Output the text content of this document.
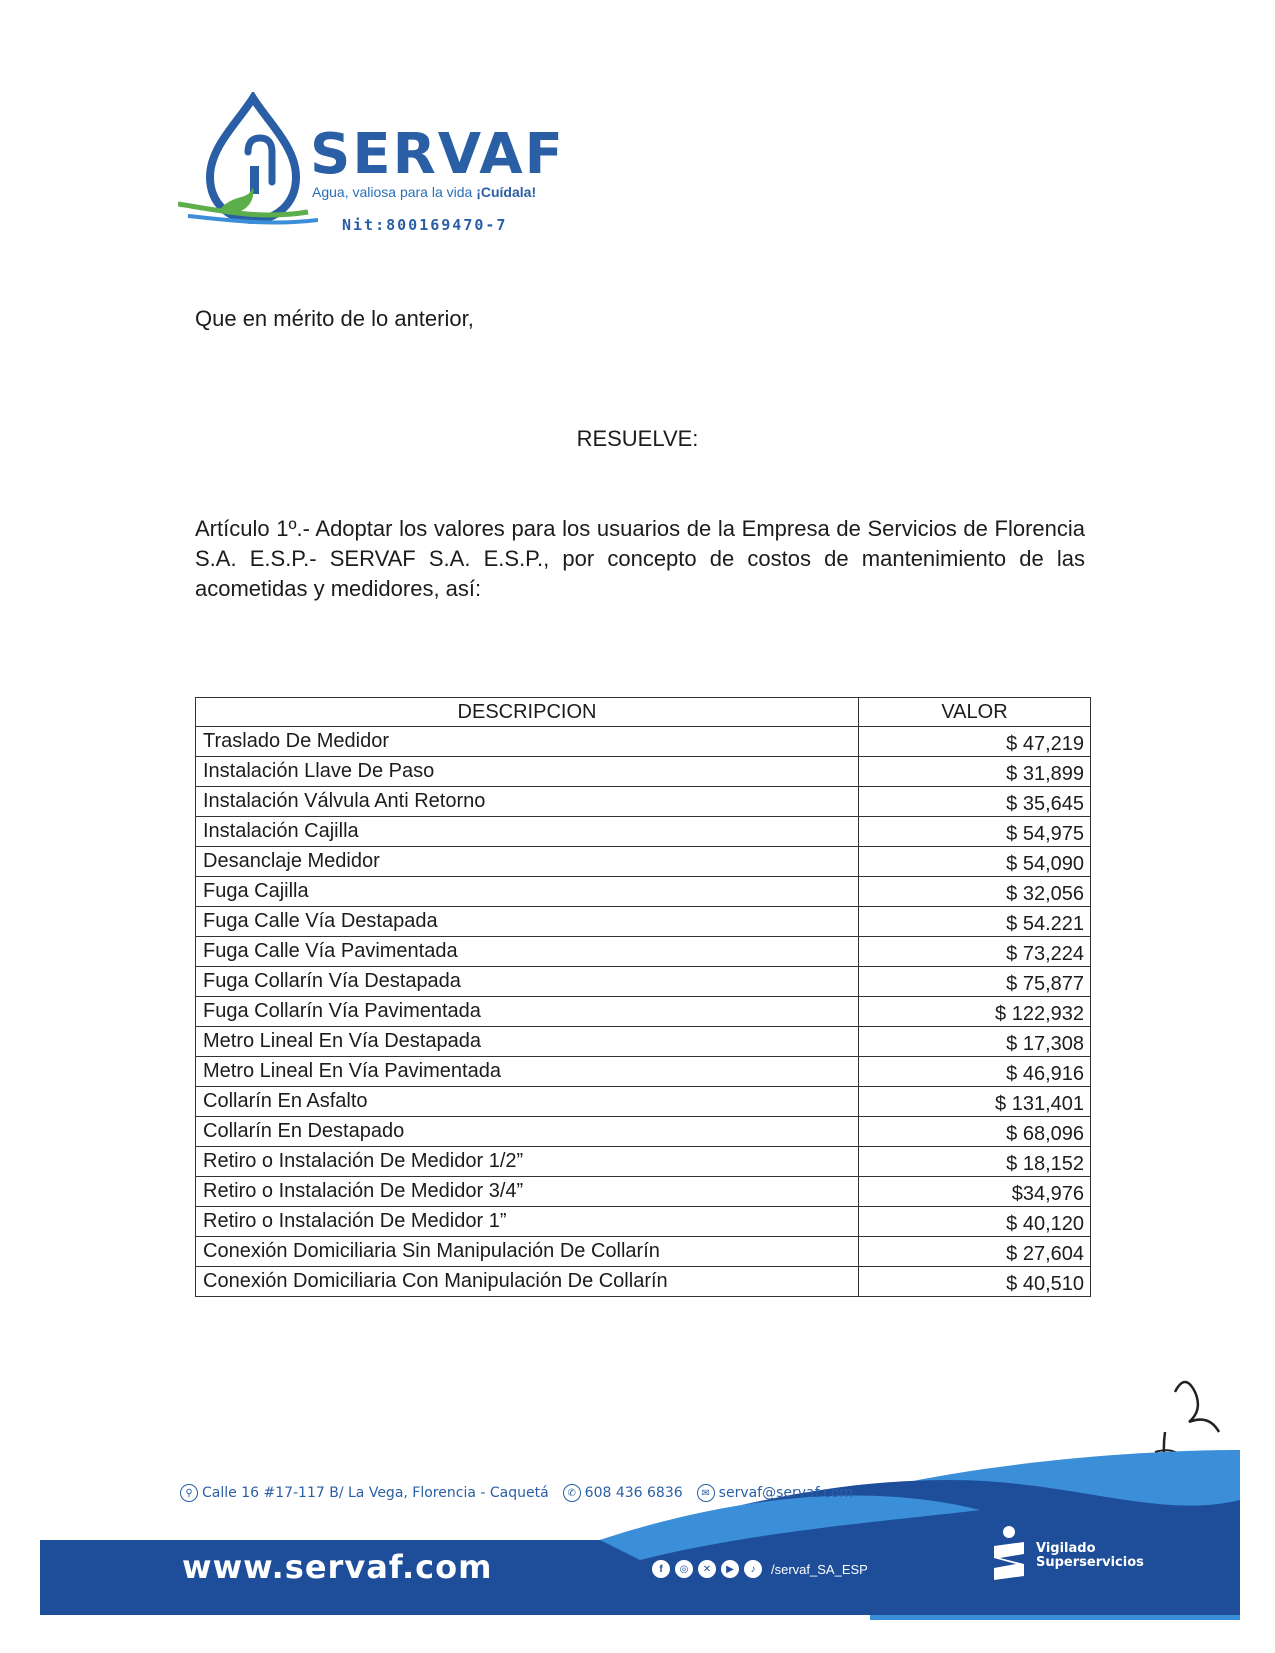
SERVAF
Agua, valiosa para la vida ¡Cuídala!
Nit:800169470-7
Que en mérito de lo anterior,
RESUELVE:
Artículo 1º.- Adoptar los valores para los usuarios de la Empresa de Servicios de Florencia S.A. E.S.P.- SERVAF S.A. E.S.P., por concepto de costos de mantenimiento de las acometidas y medidores, así:
DESCRIPCION	VALOR
Traslado De Medidor	$ 47,219
Instalación Llave De Paso	$ 31,899
Instalación Válvula Anti Retorno	$ 35,645
Instalación Cajilla	$ 54,975
Desanclaje Medidor	$ 54,090
Fuga Cajilla	$ 32,056
Fuga Calle Vía Destapada	$ 54.221
Fuga Calle Vía Pavimentada	$ 73,224
Fuga Collarín Vía Destapada	$ 75,877
Fuga Collarín Vía Pavimentada	$ 122,932
Metro Lineal En Vía Destapada	$ 17,308
Metro Lineal En Vía Pavimentada	$ 46,916
Collarín En Asfalto	$ 131,401
Collarín En Destapado	$ 68,096
Retiro o Instalación De Medidor 1/2”	$ 18,152
Retiro o Instalación De Medidor 3/4”	$34,976
Retiro o Instalación De Medidor 1”	$ 40,120
Conexión Domiciliaria Sin Manipulación De Collarín	$ 27,604
Conexión Domiciliaria Con Manipulación De Collarín	$ 40,510
⚲ Calle 16 #17-117 B/ La Vega, Florencia - Caquetá	✆ 608 436 6836	✉ servaf@servaf.com
www.servaf.com	f	◎	✕	▶	♪	/servaf_SA_ESP
Vigilado
Superservicios
